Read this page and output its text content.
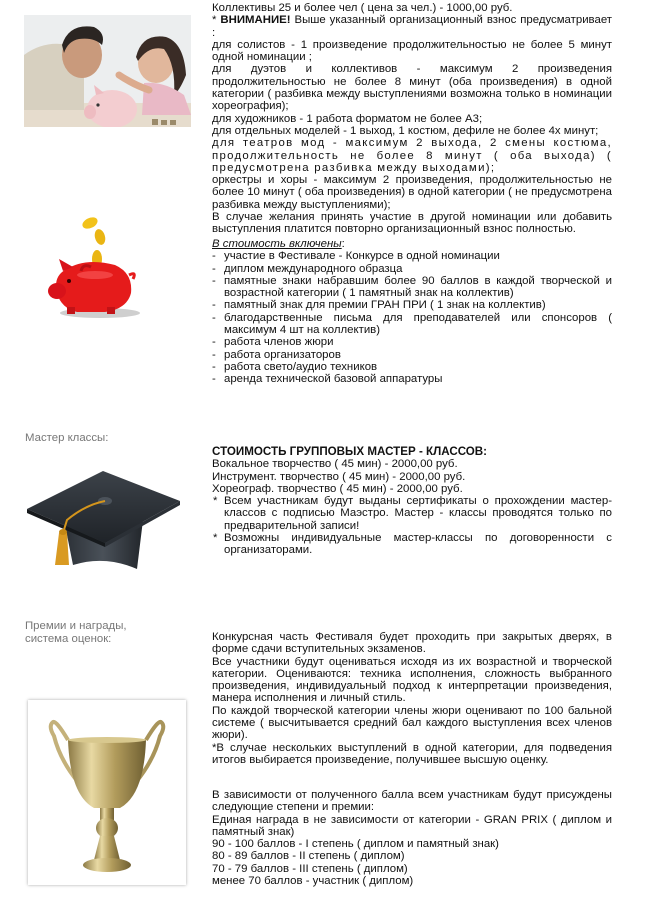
Мастер классы:
Премии и награды,
система оценок:

Коллективы 25 и более чел ( цена за чел.) - 1000,00 руб.

* ВНИМАНИЕ! Выше указанный организационный взнос предусматривает :

для солистов - 1 произведение продолжительностью не более 5 минут одной номинации ;

для дуэтов и коллективов - максимум 2 произведения продолжительностью не более 8 минут (оба произведения) в одной категории ( разбивка между выступлениями возможна только в номинации хореография);

для художников - 1 работа форматом не более А3;

для отдельных моделей - 1 выход, 1 костюм, дефиле не более 4х минут;

для театров мод - максимум 2 выхода, 2 смены костюма, продолжительность не более 8 минут ( оба выхода) ( предусмотрена разбивка между выходами);

оркестры и хоры - максимум 2 произведения, продолжительностью не более 10 минут ( оба произведения) в одной категории ( не предусмотрена разбивка между выступлениями);

В случае желания принять участие в другой номинации или добавить выступления платится повторно организационный взнос полностью.

В стоимость включены:

- участие в Фестивале - Конкурсе в одной номинации
- диплом международного образца
- памятные знаки набравшим более 90 баллов в каждой творческой и возрастной категории ( 1 памятный знак на коллектив)
- памятный знак для премии ГРАН ПРИ ( 1 знак на коллектив)
- благодарственные письма для преподавателей или спонсоров ( максимум 4 шт на коллектив)
- работа членов жюри
- работа организаторов
- работа свето/аудио техников
- аренда технической базовой аппаратуры

СТОИМОСТЬ ГРУППОВЫХ МАСТЕР - КЛАССОВ:

Вокальное творчество ( 45 мин) - 2000,00 руб.

Инструмент. творчество ( 45 мин) - 2000,00 руб.

Хореограф. творчество ( 45 мин) - 2000,00 руб.

* Всем участникам будут выданы сертификаты о прохождении мастер-классов с подписью Маэстро. Мастер - классы проводятся только по предварительной записи!
* Возможны индивидуальные мастер-классы по договоренности с организаторами.

Конкурсная часть Фестиваля будет проходить при закрытых дверях, в форме сдачи вступительных экзаменов.

Все участники будут оцениваться исходя из их возрастной и творческой категории. Оцениваются: техника исполнения, сложность выбранного произведения, индивидуальный подход к интерпретации произведения, манера исполнения и личный стиль.

По каждой творческой категории члены жюри оценивают по 100 бальной системе ( высчитывается средний бал каждого выступления всех членов жюри).

*В случае нескольких выступлений в одной категории, для подведения итогов выбирается произведение, получившее высшую оценку.

В зависимости от полученного балла всем участникам будут присуждены следующие степени и премии:

Единая награда в не зависимости от категории - GRAN PRIX ( диплом и памятный знак)

90 - 100 баллов - I степень ( диплом и памятный знак)

80 - 89 баллов - II степень ( диплом)

70 - 79 баллов - III степень ( диплом)

менее 70 баллов - участник ( диплом)
